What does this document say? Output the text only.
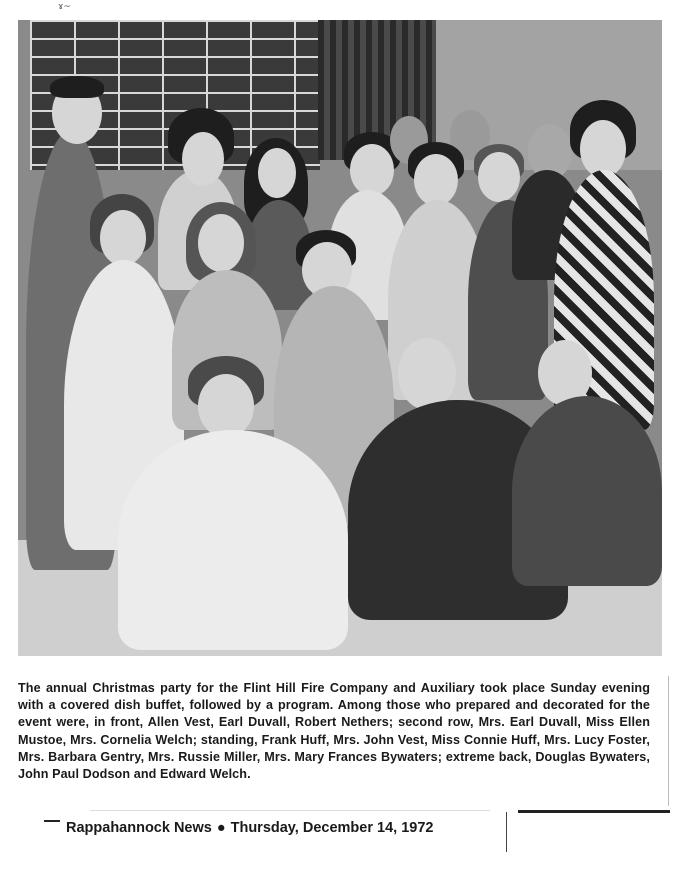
ɤ~
The annual Christmas party for the Flint Hill Fire Company and Auxiliary took place Sunday evening with a covered dish buffet, followed by a program. Among those who prepared and decorated for the event were, in front, Allen Vest, Earl Duvall, Robert Nethers; second row, Mrs. Earl Duvall, Miss Ellen Mustoe, Mrs. Cornelia Welch; standing, Frank Huff, Mrs. John Vest, Miss Connie Huff, Mrs. Lucy Foster, Mrs. Barbara Gentry, Mrs. Russie Miller, Mrs. Mary Frances Bywaters; extreme back, Douglas Bywaters, John Paul Dodson and Edward Welch.
Rappahannock News ● Thursday, December 14, 1972
